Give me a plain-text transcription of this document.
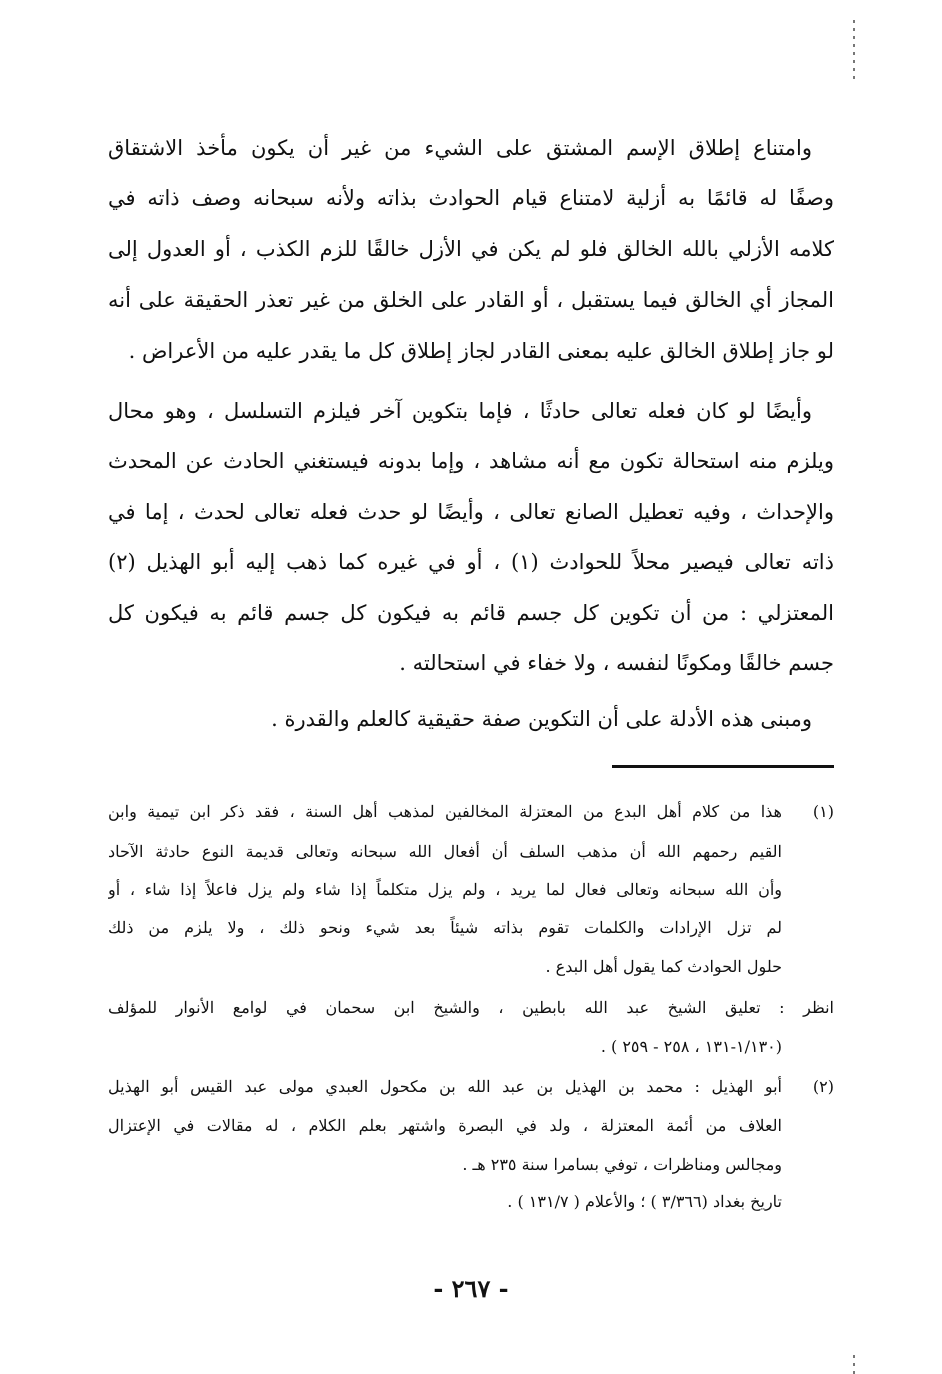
وامتناع إطلاق الإسم المشتق على الشيء من غير أن يكون مأخذ الاشتقاق
وصفًا له قائمًا به أزلية لامتناع قيام الحوادث بذاته ولأنه سبحانه وصف ذاته في
كلامه الأزلي بالله الخالق فلو لم يكن في الأزل خالقًا للزم الكذب ، أو العدول إلى
المجاز أي الخالق فيما يستقبل ، أو القادر على الخلق من غير تعذر الحقيقة على أنه
لو جاز إطلاق الخالق عليه بمعنى القادر لجاز إطلاق كل ما يقدر عليه من الأعراض .
وأيضًا لو كان فعله تعالى حادثًا ، فإما بتكوين آخر فيلزم التسلسل ، وهو محال
ويلزم منه استحالة تكون مع أنه مشاهد ، وإما بدونه فيستغني الحادث عن المحدث
والإحداث ، وفيه تعطيل الصانع تعالى ، وأيضًا لو حدث فعله تعالى لحدث ، إما في
ذاته تعالى فيصير محلاً للحوادث (١) ، أو في غيره كما ذهب إليه أبو الهذيل (٢)
المعتزلي : من أن تكوين كل جسم قائم به فيكون كل جسم قائم به فيكون كل
جسم خالقًا ومكونًا لنفسه ، ولا خفاء في استحالته .
ومبنى هذه الأدلة على أن التكوين صفة حقيقية كالعلم والقدرة .
(١)
هذا من كلام أهل البدع من المعتزلة المخالفين لمذهب أهل السنة ، فقد ذكر ابن تيمية وابن
القيم رحمهم الله أن مذهب السلف أن أفعال الله سبحانه وتعالى قديمة النوع حادثة الآحاد
وأن الله سبحانه وتعالى فعال لما يريد ، ولم يزل متكلماً إذا شاء ولم يزل فاعلاً إذا شاء ، أو
لم تزل الإرادات والكلمات تقوم بذاته شيئاً بعد شيء ونحو ذلك ، ولا يلزم من ذلك
حلول الحوادث كما يقول أهل البدع .
انظر : تعليق الشيخ عبد الله بابطين ، والشيخ ابن سحمان في لوامع الأنوار للمؤلف
(١/١٣٠-١٣١ ، ٢٥٨ - ٢٥٩ ) .
(٢)
أبو الهذيل : محمد بن الهذيل بن عبد الله بن مكحول العبدي مولى عبد القيس أبو الهذيل
العلاف من أئمة المعتزلة ، ولد في البصرة واشتهر بعلم الكلام ، له مقالات في الإعتزال
ومجالس ومناظرات ، توفي بسامرا سنة ٢٣٥ هـ .
تاريخ بغداد (٣/٣٦٦ ) ؛ والأعلام ( ١٣١/٧ ) .
- ٢٦٧ -
